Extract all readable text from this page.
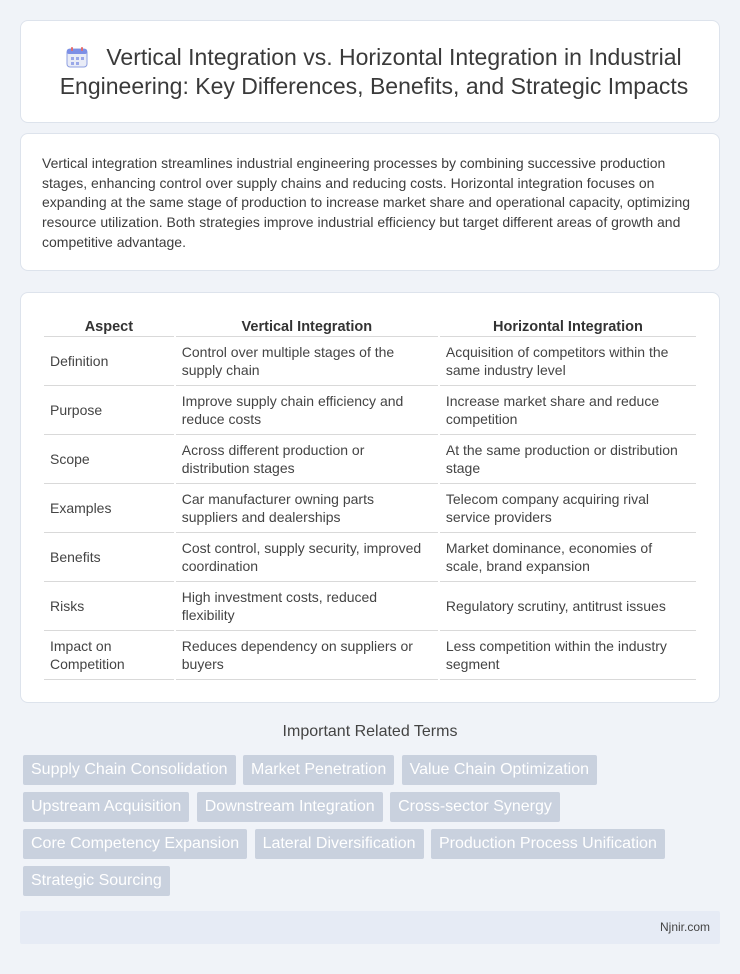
Vertical Integration vs. Horizontal Integration in Industrial Engineering: Key Differences, Benefits, and Strategic Impacts

Vertical integration streamlines industrial engineering processes by combining successive production stages, enhancing control over supply chains and reducing costs. Horizontal integration focuses on expanding at the same stage of production to increase market share and operational capacity, optimizing resource utilization. Both strategies improve industrial efficiency but target different areas of growth and competitive advantage.

Aspect	Vertical Integration	Horizontal Integration
Definition	Control over multiple stages of the supply chain	Acquisition of competitors within the same industry level
Purpose	Improve supply chain efficiency and reduce costs	Increase market share and reduce competition
Scope	Across different production or distribution stages	At the same production or distribution stage
Examples	Car manufacturer owning parts suppliers and dealerships	Telecom company acquiring rival service providers
Benefits	Cost control, supply security, improved coordination	Market dominance, economies of scale, brand expansion
Risks	High investment costs, reduced flexibility	Regulatory scrutiny, antitrust issues
Impact on Competition	Reduces dependency on suppliers or buyers	Less competition within the industry segment
Important Related Terms
Supply Chain Consolidation Market Penetration Value Chain Optimization Upstream Acquisition Downstream Integration Cross-sector Synergy Core Competency Expansion Lateral Diversification Production Process Unification Strategic Sourcing
Njnir.com
